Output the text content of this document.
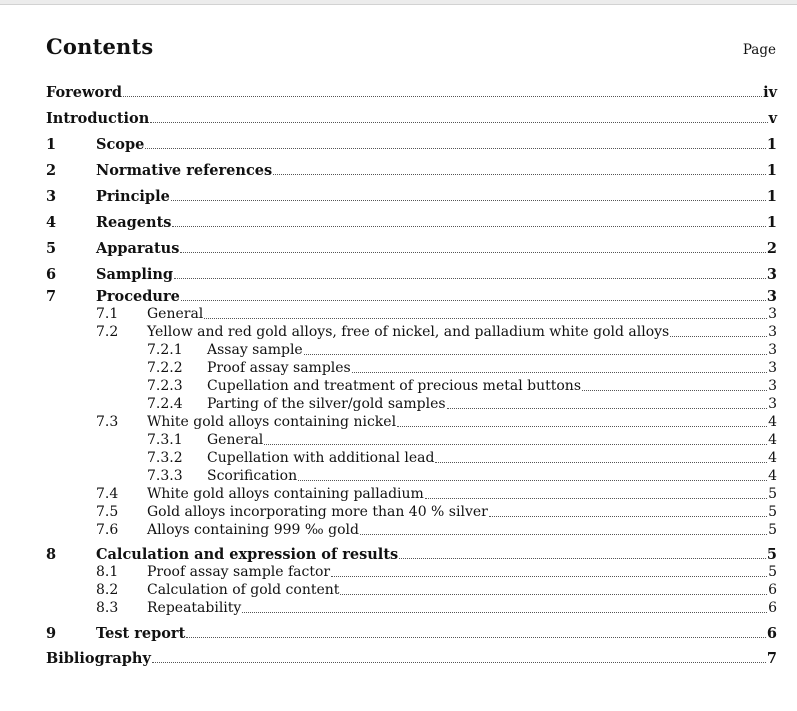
Contents	Page
Foreword	iv
Introduction	v
1	Scope	1
2	Normative references	1
3	Principle	1
4	Reagents	1
5	Apparatus	2
6	Sampling	3
7	Procedure	3
7.1	General	3
7.2	Yellow and red gold alloys, free of nickel, and palladium white gold alloys	3
7.2.1	Assay sample	3
7.2.2	Proof assay samples	3
7.2.3	Cupellation and treatment of precious metal buttons	3
7.2.4	Parting of the silver/gold samples	3
7.3	White gold alloys containing nickel	4
7.3.1	General	4
7.3.2	Cupellation with additional lead	4
7.3.3	Scorification	4
7.4	White gold alloys containing palladium	5
7.5	Gold alloys incorporating more than 40 % silver	5
7.6	Alloys containing 999 ‰ gold	5
8	Calculation and expression of results	5
8.1	Proof assay sample factor	5
8.2	Calculation of gold content	6
8.3	Repeatability	6
9	Test report	6
Bibliography	7
